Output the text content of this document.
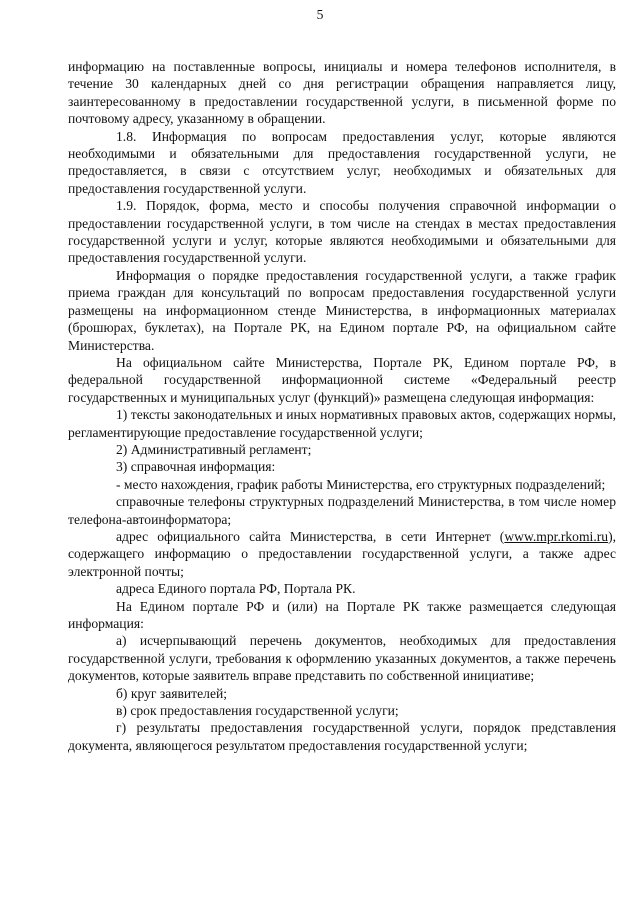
5

информацию на поставленные вопросы, инициалы и номера телефонов исполнителя, в течение 30 календарных дней со дня регистрации обращения направляется лицу, заинтересованному в предоставлении государственной услуги, в письменной форме по почтовому адресу, указанному в обращении.

1.8. Информация по вопросам предоставления услуг, которые являются необходимыми и обязательными для предоставления государственной услуги, не предоставляется, в связи с отсутствием услуг, необходимых и обязательных для предоставления государственной услуги.

1.9. Порядок, форма, место и способы получения справочной информации о предоставлении государственной услуги, в том числе на стендах в местах предоставления государственной услуги и услуг, которые являются необходимыми и обязательными для предоставления государственной услуги.

Информация о порядке предоставления государственной услуги, а также график приема граждан для консультаций по вопросам предоставления государственной услуги размещены на информационном стенде Министерства, в информационных материалах (брошюрах, буклетах), на Портале РК, на Едином портале РФ, на официальном сайте Министерства.

На официальном сайте Министерства, Портале РК, Едином портале РФ, в федеральной государственной информационной системе «Федеральный реестр государственных и муниципальных услуг (функций)» размещена следующая информация:

1) тексты законодательных и иных нормативных правовых актов, содержащих нормы, регламентирующие предоставление государственной услуги;

2) Административный регламент;

3) справочная информация:

- место нахождения, график работы Министерства, его структурных подразделений;

справочные телефоны структурных подразделений Министерства, в том числе номер телефона-автоинформатора;

адрес официального сайта Министерства, в сети Интернет (www.mpr.rkomi.ru), содержащего информацию о предоставлении государственной услуги, а также адрес электронной почты;

адреса Единого портала РФ, Портала РК.

На Едином портале РФ и (или) на Портале РК также размещается следующая информация:

а) исчерпывающий перечень документов, необходимых для предоставления государственной услуги, требования к оформлению указанных документов, а также перечень документов, которые заявитель вправе представить по собственной инициативе;

б) круг заявителей;

в) срок предоставления государственной услуги;

г) результаты предоставления государственной услуги, порядок представления документа, являющегося результатом предоставления государственной услуги;
